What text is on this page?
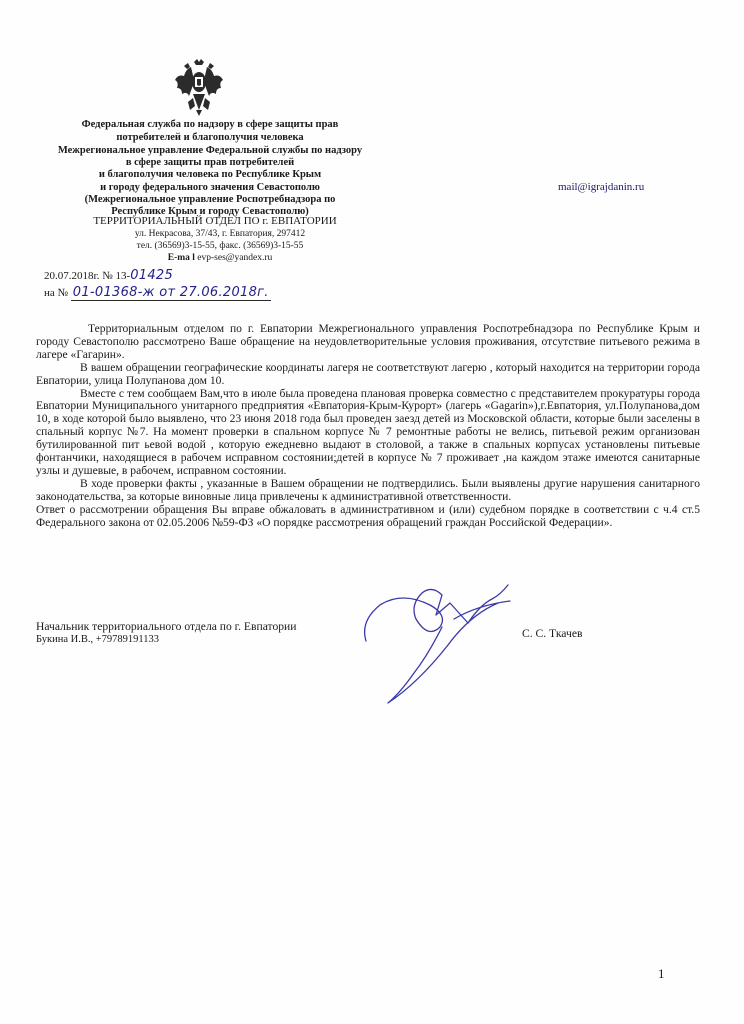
Федеральная служба по надзору в сфере защиты прав
потребителей и благополучия человека
Межрегиональное управление Федеральной службы по надзору
в сфере защиты прав потребителей
и благополучия человека по Республике Крым
и городу федерального значения Севастополю
(Межрегиональное управление Роспотребнадзора по
Республике Крым и городу Севастополю)
ТЕРРИТОРИАЛЬНЫЙ ОТДЕЛ ПО г. ЕВПАТОРИИ
ул. Некрасова, 37/43, г. Евпатория, 297412
тел. (36569)3-15-55, факс. (36569)3-15-55
E-ma l evp-ses@yandex.ru
mail@igrajdanin.ru
20.07.2018г. № 13-01425
на № 01-01368-ж от 27.06.2018г.

Территориальным отделом по г. Евпатории Межрегионального управления Роспотребнадзора по Республике Крым и городу Севастополю рассмотрено Ваше обращение на неудовлетворительные условия проживания, отсутствие питьевого режима в лагере «Гагарин».

В вашем обращении географические координаты лагеря не соответствуют лагерю , который находится на территории города Евпатории, улица Полупанова дом 10.

Вместе с тем сообщаем Вам,что в июле была проведена плановая проверка совместно с представителем прокуратуры города Евпатории Муниципального унитарного предприятия «Евпатория-Крым-Курорт» (лагерь «Gagarin»),г.Евпатория, ул.Полупанова,дом 10, в ходе которой было выявлено, что 23 июня 2018 года был проведен заезд детей из Московской области, которые были заселены в спальный корпус №7. На момент проверки в спальном корпусе № 7 ремонтные работы не велись, питьевой режим организован бутилированной пит ьевой водой , которую ежедневно выдают в столовой, а также в спальных корпусах установлены питьевые фонтанчики, находящиеся в рабочем исправном состоянии;детей в корпусе № 7 проживает ,на каждом этаже имеются санитарные узлы и душевые, в рабочем, исправном состоянии.

В ходе проверки факты , указанные в Вашем обращении не подтвердились. Были выявлены другие нарушения санитарного законодательства, за которые виновные лица привлечены к административной ответственности.

Ответ о рассмотрении обращения Вы вправе обжаловать в административном и (или) судебном порядке в соответствии с ч.4 ст.5 Федерального закона от 02.05.2006 №59-ФЗ «О порядке рассмотрения обращений граждан Российской Федерации».

Начальник территориального отдела по г. Евпатории
Букина И.В., +79789191133	С. С. Ткачев
1
